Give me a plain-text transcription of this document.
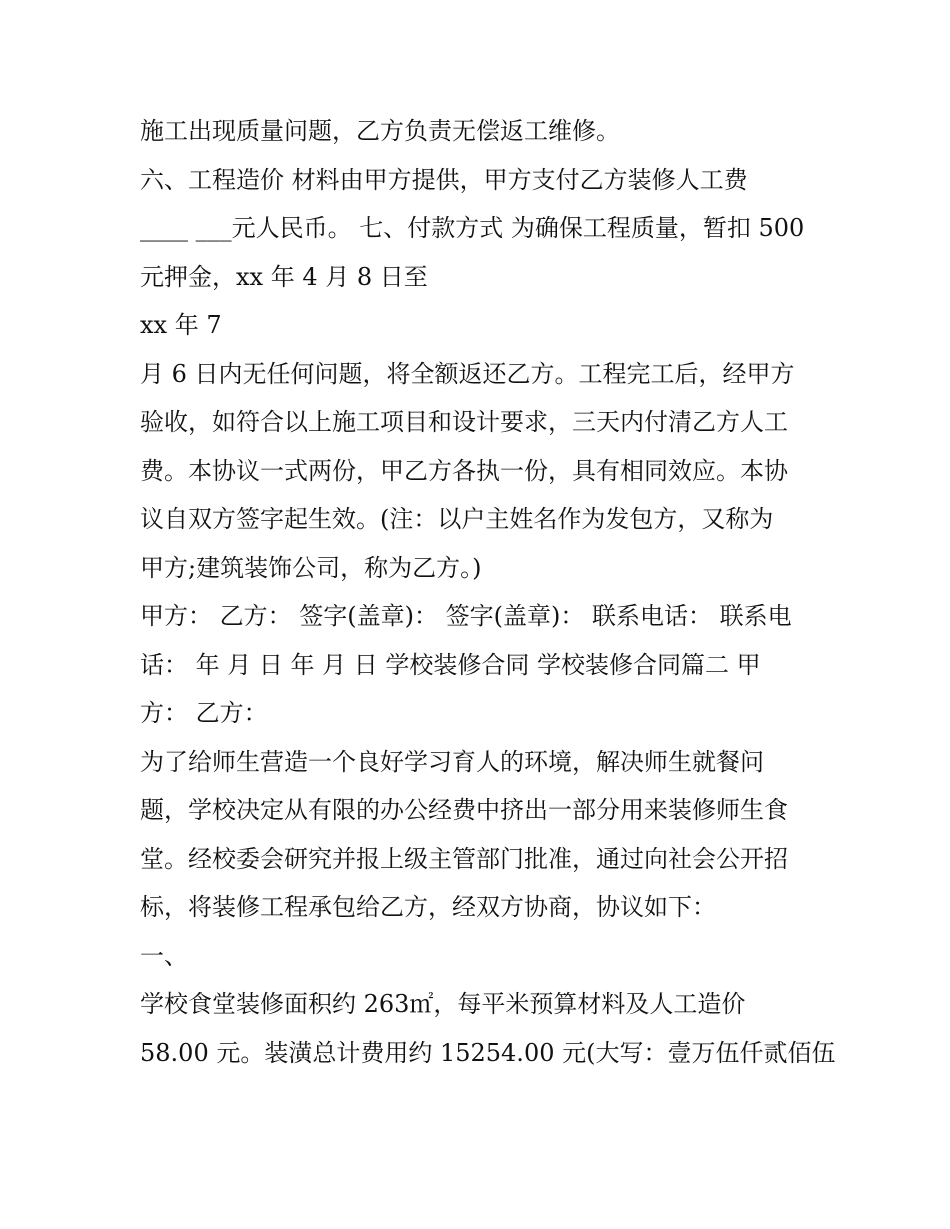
施工出现质量问题，乙方负责无偿返工维修。
六、工程造价 材料由甲方提供，甲方支付乙方装修人工费
____ ___元人民币。 七、付款方式 为确保工程质量，暂扣 500
元押金，xx 年 4 月 8 日至
xx 年 7
月 6 日内无任何问题，将全额返还乙方。工程完工后，经甲方
验收，如符合以上施工项目和设计要求，三天内付清乙方人工
费。本协议一式两份，甲乙方各执一份，具有相同效应。本协
议自双方签字起生效。(注：以户主姓名作为发包方，又称为
甲方;建筑装饰公司，称为乙方。)
甲方： 乙方： 签字(盖章)： 签字(盖章)： 联系电话： 联系电
话： 年 月 日 年 月 日 学校装修合同 学校装修合同篇二 甲
方： 乙方：
为了给师生营造一个良好学习育人的环境，解决师生就餐问
题，学校决定从有限的办公经费中挤出一部分用来装修师生食
堂。经校委会研究并报上级主管部门批准，通过向社会公开招
标，将装修工程承包给乙方，经双方协商，协议如下：
一、
学校食堂装修面积约 263㎡，每平米预算材料及人工造价
58.00 元。装潢总计费用约 15254.00 元(大写：壹万伍仟贰佰伍
